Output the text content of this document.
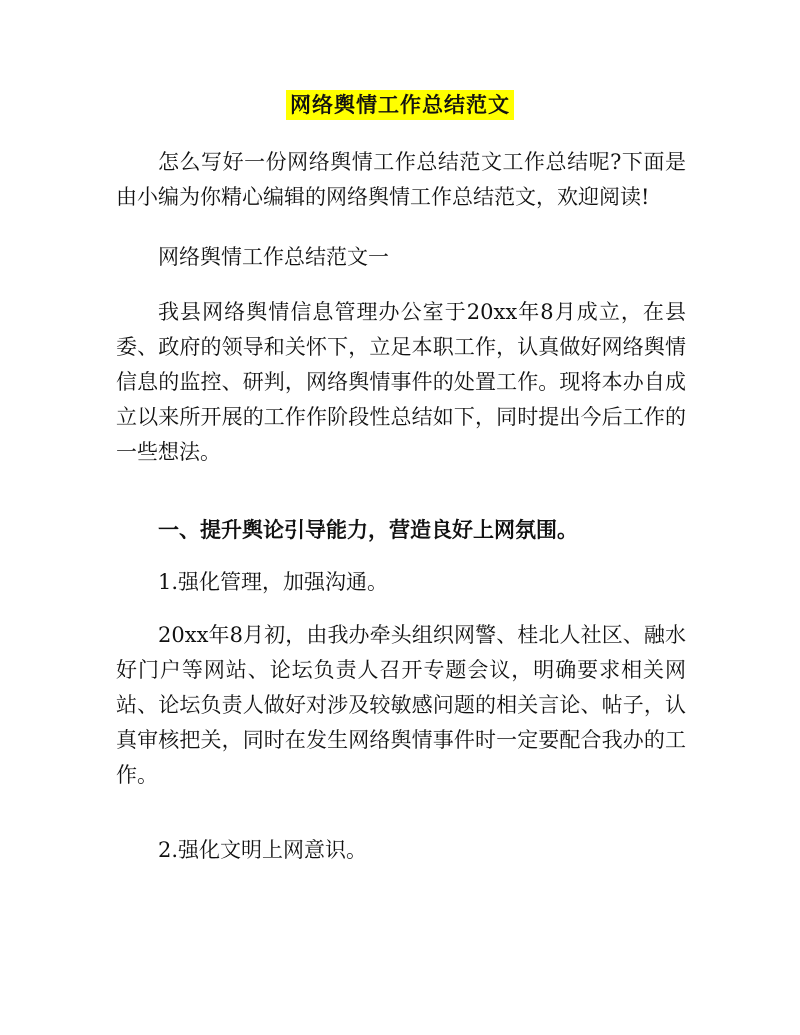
网络舆情工作总结范文

怎么写好一份网络舆情工作总结范文工作总结呢?下面是由小编为你精心编辑的网络舆情工作总结范文，欢迎阅读!

网络舆情工作总结范文一

我县网络舆情信息管理办公室于20xx年8月成立，在县委、政府的领导和关怀下，立足本职工作，认真做好网络舆情信息的监控、研判，网络舆情事件的处置工作。现将本办自成立以来所开展的工作作阶段性总结如下，同时提出今后工作的一些想法。

一、提升舆论引导能力，营造良好上网氛围。

1.强化管理，加强沟通。

20xx年8月初，由我办牵头组织网警、桂北人社区、融水好门户等网站、论坛负责人召开专题会议，明确要求相关网站、论坛负责人做好对涉及较敏感问题的相关言论、帖子，认真审核把关，同时在发生网络舆情事件时一定要配合我办的工作。

2.强化文明上网意识。
